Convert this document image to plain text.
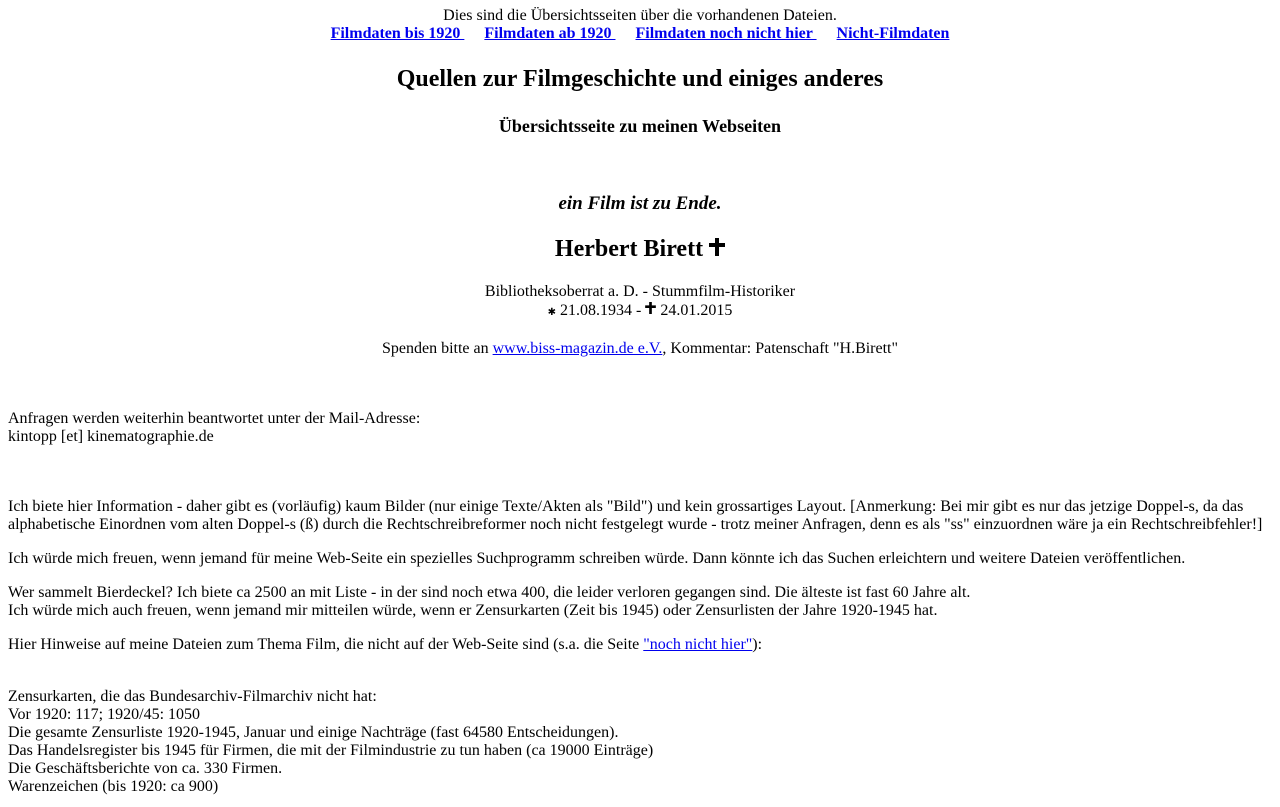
Dies sind die Übersichtsseiten über die vorhandenen Dateien.
Filmdaten bis 1920 Filmdaten ab 1920 Filmdaten noch nicht hier Nicht-Filmdaten
Quellen zur Filmgeschichte und einiges anderes
Übersichtsseite zu meinen Webseiten
ein Film ist zu Ende.
Herbert Birett
Bibliotheksoberrat a. D. - Stummfilm-Historiker
✱ 21.08.1934 - 24.01.2015
Spenden bitte an www.biss-magazin.de e.V., Kommentar: Patenschaft "H.Birett"
Anfragen werden weiterhin beantwortet unter der Mail-Adresse:
kintopp [et] kinematographie.de
Ich biete hier Information - daher gibt es (vorläufig) kaum Bilder (nur einige Texte/Akten als "Bild") und kein grossartiges Layout. [Anmerkung: Bei mir gibt es nur das jetzige Doppel-s, da das alphabetische Einordnen vom alten Doppel-s (ß) durch die Rechtschreibreformer noch nicht festgelegt wurde - trotz meiner Anfragen, denn es als "ss" einzuordnen wäre ja ein Rechtschreibfehler!]
Ich würde mich freuen, wenn jemand für meine Web-Seite ein spezielles Suchprogramm schreiben würde. Dann könnte ich das Suchen erleichtern und weitere Dateien veröffentlichen.
Wer sammelt Bierdeckel? Ich biete ca 2500 an mit Liste - in der sind noch etwa 400, die leider verloren gegangen sind. Die älteste ist fast 60 Jahre alt.
Ich würde mich auch freuen, wenn jemand mir mitteilen würde, wenn er Zensurkarten (Zeit bis 1945) oder Zensurlisten der Jahre 1920-1945 hat.
Hier Hinweise auf meine Dateien zum Thema Film, die nicht auf der Web-Seite sind (s.a. die Seite "noch nicht hier"):
Zensurkarten, die das Bundesarchiv-Filmarchiv nicht hat:
Vor 1920: 117; 1920/45: 1050
Die gesamte Zensurliste 1920-1945, Januar und einige Nachträge (fast 64580 Entscheidungen).
Das Handelsregister bis 1945 für Firmen, die mit der Filmindustrie zu tun haben (ca 19000 Einträge)
Die Geschäftsberichte von ca. 330 Firmen.
Warenzeichen (bis 1920: ca 900)
